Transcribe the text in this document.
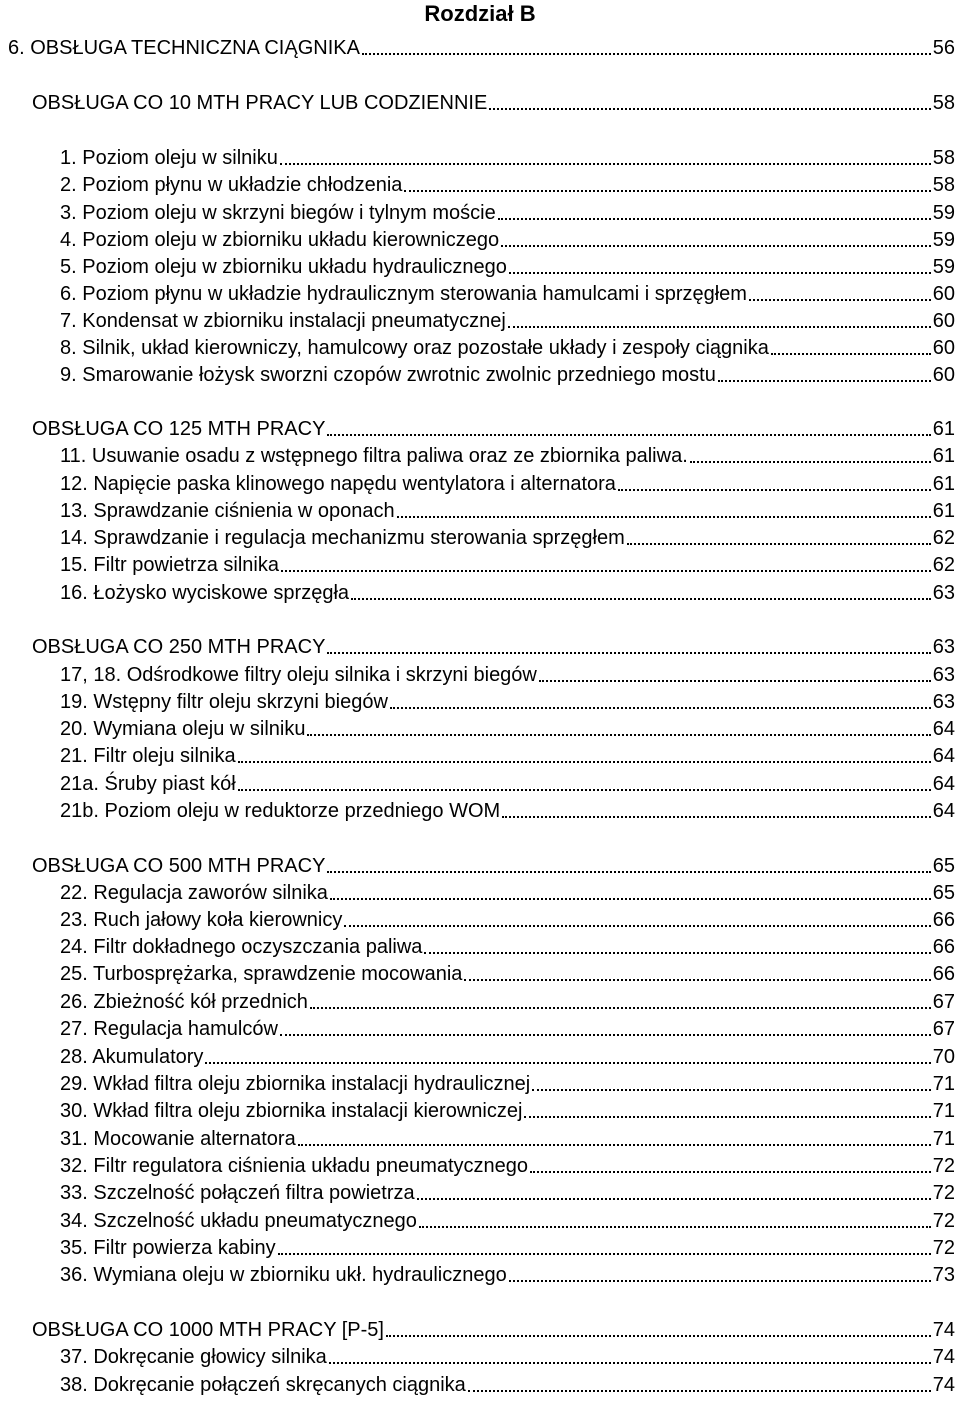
Rozdział B
6. OBSŁUGA TECHNICZNA CIĄGNIKA	56
OBSŁUGA CO 10 MTH PRACY LUB CODZIENNIE	58
1. Poziom oleju w silniku	58
2. Poziom płynu w układzie chłodzenia	58
3. Poziom oleju w skrzyni biegów i tylnym moście	59
4. Poziom oleju w zbiorniku układu kierowniczego	59
5. Poziom oleju w zbiorniku układu hydraulicznego	59
6. Poziom płynu w układzie hydraulicznym sterowania hamulcami i sprzęgłem	60
7. Kondensat w zbiorniku instalacji pneumatycznej	60
8. Silnik, układ kierowniczy, hamulcowy oraz pozostałe układy i zespoły ciągnika	60
9. Smarowanie łożysk sworzni czopów zwrotnic zwolnic przedniego mostu	60
OBSŁUGA CO 125 MTH PRACY	61
11. Usuwanie osadu z wstępnego filtra paliwa oraz ze zbiornika paliwa.	61
12. Napięcie paska klinowego napędu wentylatora i alternatora	61
13. Sprawdzanie ciśnienia w oponach	61
14. Sprawdzanie i regulacja mechanizmu sterowania sprzęgłem	62
15. Filtr powietrza silnika	62
16. Łożysko wyciskowe sprzęgła	63
OBSŁUGA CO 250 MTH PRACY	63
17, 18. Odśrodkowe filtry oleju silnika i skrzyni biegów	63
19. Wstępny filtr oleju skrzyni biegów	63
20. Wymiana oleju w silniku	64
21. Filtr oleju silnika	64
21a. Śruby piast kół	64
21b. Poziom oleju w reduktorze przedniego WOM	64
OBSŁUGA CO 500 MTH PRACY	65
22. Regulacja zaworów silnika	65
23. Ruch jałowy koła kierownicy	66
24. Filtr dokładnego oczyszczania paliwa	66
25. Turbosprężarka, sprawdzenie mocowania	66
26. Zbieżność kół przednich	67
27. Regulacja hamulców	67
28. Akumulatory	70
29. Wkład filtra oleju zbiornika instalacji hydraulicznej	71
30. Wkład filtra oleju zbiornika instalacji kierowniczej	71
31. Mocowanie alternatora	71
32. Filtr regulatora ciśnienia układu pneumatycznego	72
33. Szczelność połączeń filtra powietrza	72
34. Szczelność układu pneumatycznego	72
35. Filtr powierza kabiny	72
36. Wymiana oleju w zbiorniku ukł. hydraulicznego	73
OBSŁUGA CO 1000 MTH PRACY [P-5]	74
37. Dokręcanie głowicy silnika	74
38. Dokręcanie połączeń skręcanych ciągnika	74
